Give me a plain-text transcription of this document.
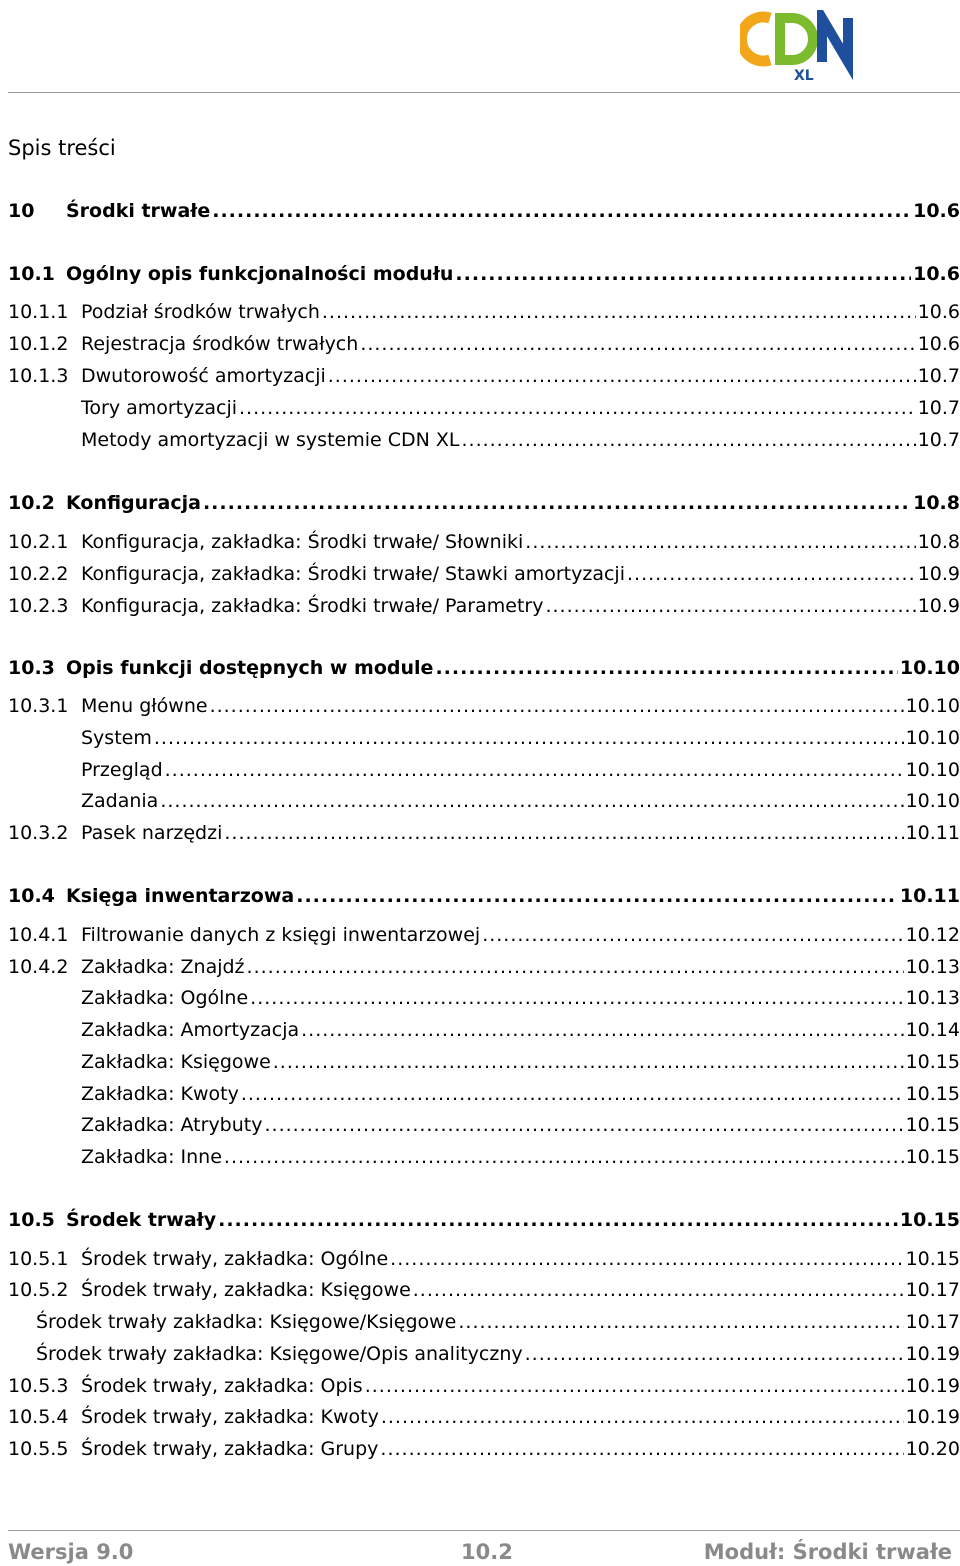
XL
Spis treści
10	Środki trwałe .....	10.6
10.1 Ogólny opis funkcjonalności modułu .....	10.6
10.1.1 Podział środków trwałych .....	10.6
10.1.2 Rejestracja środków trwałych .....	10.6
10.1.3 Dwutorowość amortyzacji .....	10.7
Tory amortyzacji .....	10.7
Metody amortyzacji w systemie CDN XL .....	10.7
10.2 Konfiguracja .....	10.8
10.2.1 Konfiguracja, zakładka: Środki trwałe/ Słowniki .....	10.8
10.2.2 Konfiguracja, zakładka: Środki trwałe/ Stawki amortyzacji .....	10.9
10.2.3 Konfiguracja, zakładka: Środki trwałe/ Parametry .....	10.9
10.3 Opis funkcji dostępnych w module .....	10.10
10.3.1 Menu główne .....	10.10
System .....	10.10
Przegląd .....	10.10
Zadania .....	10.10
10.3.2 Pasek narzędzi .....	10.11
10.4 Księga inwentarzowa .....	10.11
10.4.1 Filtrowanie danych z księgi inwentarzowej .....	10.12
10.4.2 Zakładka: Znajdź .....	10.13
Zakładka: Ogólne .....	10.13
Zakładka: Amortyzacja .....	10.14
Zakładka: Księgowe .....	10.15
Zakładka: Kwoty .....	10.15
Zakładka: Atrybuty .....	10.15
Zakładka: Inne .....	10.15
10.5 Środek trwały .....	10.15
10.5.1 Środek trwały, zakładka: Ogólne .....	10.15
10.5.2 Środek trwały, zakładka: Księgowe .....	10.17
Środek trwały zakładka: Księgowe/Księgowe .....	10.17
Środek trwały zakładka: Księgowe/Opis analityczny .....	10.19
10.5.3 Środek trwały, zakładka: Opis .....	10.19
10.5.4 Środek trwały, zakładka: Kwoty .....	10.19
10.5.5 Środek trwały, zakładka: Grupy .....	10.20
Wersja 9.0	10.2	Moduł: Środki trwałe
